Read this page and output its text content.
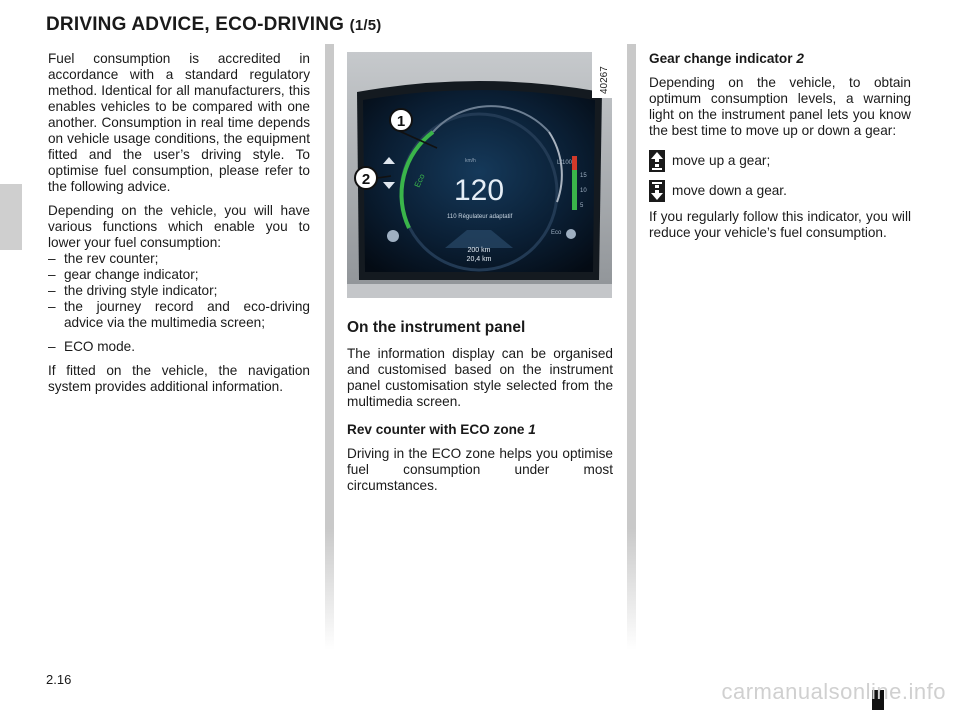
DRIVING ADVICE, ECO-DRIVING (1/5)

Fuel consumption is accredited in accordance with a standard regulatory method. Identical for all manufacturers, this enables vehicles to be compared with one another. Consumption in real time depends on vehicle usage conditions, the equipment fitted and the user’s driving style. To optimise fuel consumption, please refer to the following advice.

Depending on the vehicle, you will have various functions which enable you to lower your fuel consumption:

– the rev counter;
– gear change indicator;
– the driving style indicator;
– the journey record and eco-driving advice via the multimedia screen;
– ECO mode.

If fitted on the vehicle, the navigation system provides additional information.

Eco
L/100
15
10
5
Eco
120
km/h
110 Régulateur adaptatif
200 km
20,4 km
1
2
40267
On the instrument panel

The information display can be organised and customised based on the instrument panel customisation style selected from the multimedia screen.

Rev counter with ECO zone 1

Driving in the ECO zone helps you optimise fuel consumption under most circumstances.

Gear change indicator 2

Depending on the vehicle, to obtain optimum consumption levels, a warning light on the instrument panel lets you know the best time to move up or down a gear:

move up a gear;
move down a gear.

If you regularly follow this indicator, you will reduce your vehicle’s fuel consumption.

2.16	carmanualsonline.info
